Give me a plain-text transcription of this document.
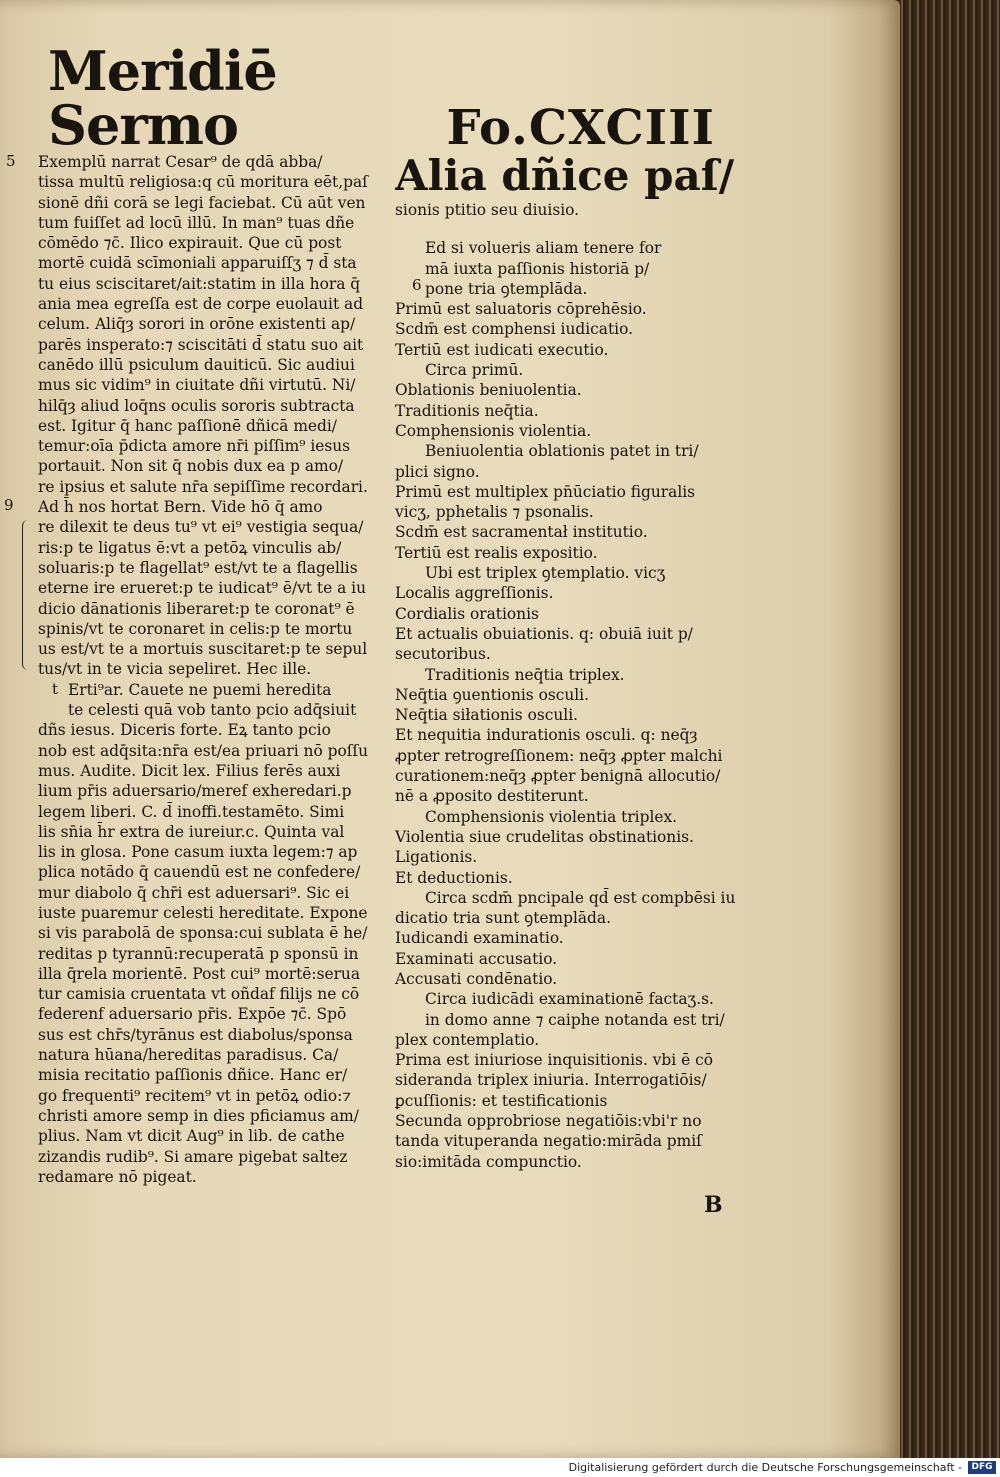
Meridiē Sermo	Fo.CXCIII
5
9
t

Exemplū narrat Cesar⁹ de qdā abba/

tissa multū religiosa:q cū moritura eēt,paſ

sionē dñi corā se legi faciebat. Cū aūt ven

tum fuiſſet ad locū illū. In man⁹ tuas dñe

cōmēdo ⁊c̄. Ilico expirauit. Que cū post

mortē cuidā scīmoniali apparuiſſʒ ⁊ d̄ sta

tu eius sciscitaret/ait:statim in illa hora q̄

ania mea egreſſa est de corpe euolauit ad

celum. Aliq̄ȝ sorori in orōne existenti ap/

parēs insperato:⁊ sciscitāti d̄ statu suo ait

canēdo illū psiculum dauiticū. Sic audiui

mus sic vidim⁹ in ciuitate dñi virtutū. Ni/

hilq̄ȝ aliud loq̄ns oculis sororis subtracta

est. Igitur q̄ hanc paſſionē dñicā medi/

temur:oīa p̄dicta amore nr̄i piſſim⁹ iesus

portauit. Non sit q̄ nobis dux ea p amo/

re ipsius et salute nr̄a sepiſſime recordari.

Ad h̄ nos hortat Bern. Vide hō q̄ amo

re dilexit te deus tu⁹ vt ei⁹ vestigia sequa/

ris:p te ligatus ē:vt a petōꝝ vinculis ab/

soluaris:p te flagellat⁹ est/vt te a flagellis

eterne ire erueret:p te iudicat⁹ ē/vt te a iu

dicio dānationis liberaret:p te coronat⁹ ē

spinis/vt te coronaret in celis:p te mortu

us est/vt te a mortuis suscitaret:p te sepul

tus/vt in te vicia sepeliret. Hec ille.

Erti⁹ar. Cauete ne puemi heredita

te celesti quā vob tanto pcio adq̄siuit

dñs iesus. Diceris forte. Eꝝ tanto pcio

nob est adq̄sita:nr̄a est/ea priuari nō poſſu

mus. Audite. Dicit lex. Filius ferēs auxi

lium pr̄is aduersario/meref exheredari.p

legem liberi. C. d̄ inoffi.testamēto. Simi

lis sn̄ia h̄r extra de iureiur.c. Quinta val

lis in glosa. Pone casum iuxta legem:⁊ ap

plica notādo q̄ cauendū est ne confedere/

mur diabolo q̄ chr̄i est aduersari⁹. Sic ei

iuste puaremur celesti hereditate. Expone

si vis parabolā de sponsa:cui sublata ē he/

reditas p tyrannū:recuperatā p sponsū in

illa q̄rela morientē. Post cui⁹ mortē:serua

tur camisia cruentata vt oñdaf filijs ne cō

federenf aduersario pr̄is. Expōe ⁊c̄. Spō

sus est chr̄s/tyrānus est diabolus/sponsa

natura hūana/hereditas paradisus. Ca/

misia recitatio paſſionis dñice. Hanc er/

go frequenti⁹ recitem⁹ vt in petōꝝ odio:⁊

christi amore semp in dies pficiamus am/

plius. Nam vt dicit Aug⁹ in lib. de cathe

zizandis rudib⁹. Si amare pigebat saltez

redamare nō pigeat.

Alia dñice paſ/

sionis ptitio seu diuisio.

Ed si volueris aliam tenere for

mā iuxta paſſionis historiā p/

pone tria ꝯtemplāda.

Primū est saluatoris cōprehēsio.

Scdm̄ est comphensi iudicatio.

Tertiū est iudicati executio.

Circa primū.

Oblationis beniuolentia.

Traditionis neq̄tia.

Comphensionis violentia.

Beniuolentia oblationis patet in tri/

plici signo.

Primū est multiplex pn̄ūciatio figuralis

vicʒ, pphetalis ⁊ psonalis.

Scdm̄ est sacramentał institutio.

Tertiū est realis expositio.

Ubi est triplex ꝯtemplatio. vicʒ

Localis aggreſſionis.

Cordialis orationis

Et actualis obuiationis. q: obuiā iuit p/

secutoribus.

Traditionis neq̄tia triplex.

Neq̄tia ꝯuentionis osculi.

Neq̄tia siłationis osculi.

Et nequitia indurationis osculi. q: neq̄ȝ

ꝓpter retrogreſſionem: neq̄ȝ ꝓpter malchi

curationem:neq̄ȝ ꝓpter benignā allocutio/

nē a ꝓposito destiterunt.

Comphensionis violentia triplex.

Violentia siue crudelitas obstinationis.

Ligationis.

Et deductionis.

Circa scdm̄ pncipale qd̄ est compbēsi iu

dicatio tria sunt ꝯtemplāda.

Iudicandi examinatio.

Examinati accusatio.

Accusati condēnatio.

Circa iudicādi examinationē factaʒ.s.

in domo anne ⁊ caiphe notanda est tri/

plex contemplatio.

Prima est iniuriose inquisitionis. vbi ē cō

sideranda triplex iniuria. Interrogatiōis/

ꝑcuſſionis: et testificationis

Secunda opprobriose negatiōis:vbi'r no

tanda vituperanda negatio:mirāda pmiſ

sio:imitāda compunctio.

6
B
Digitalisierung gefördert durch die Deutsche Forschungsgemeinschaft -	DFG
